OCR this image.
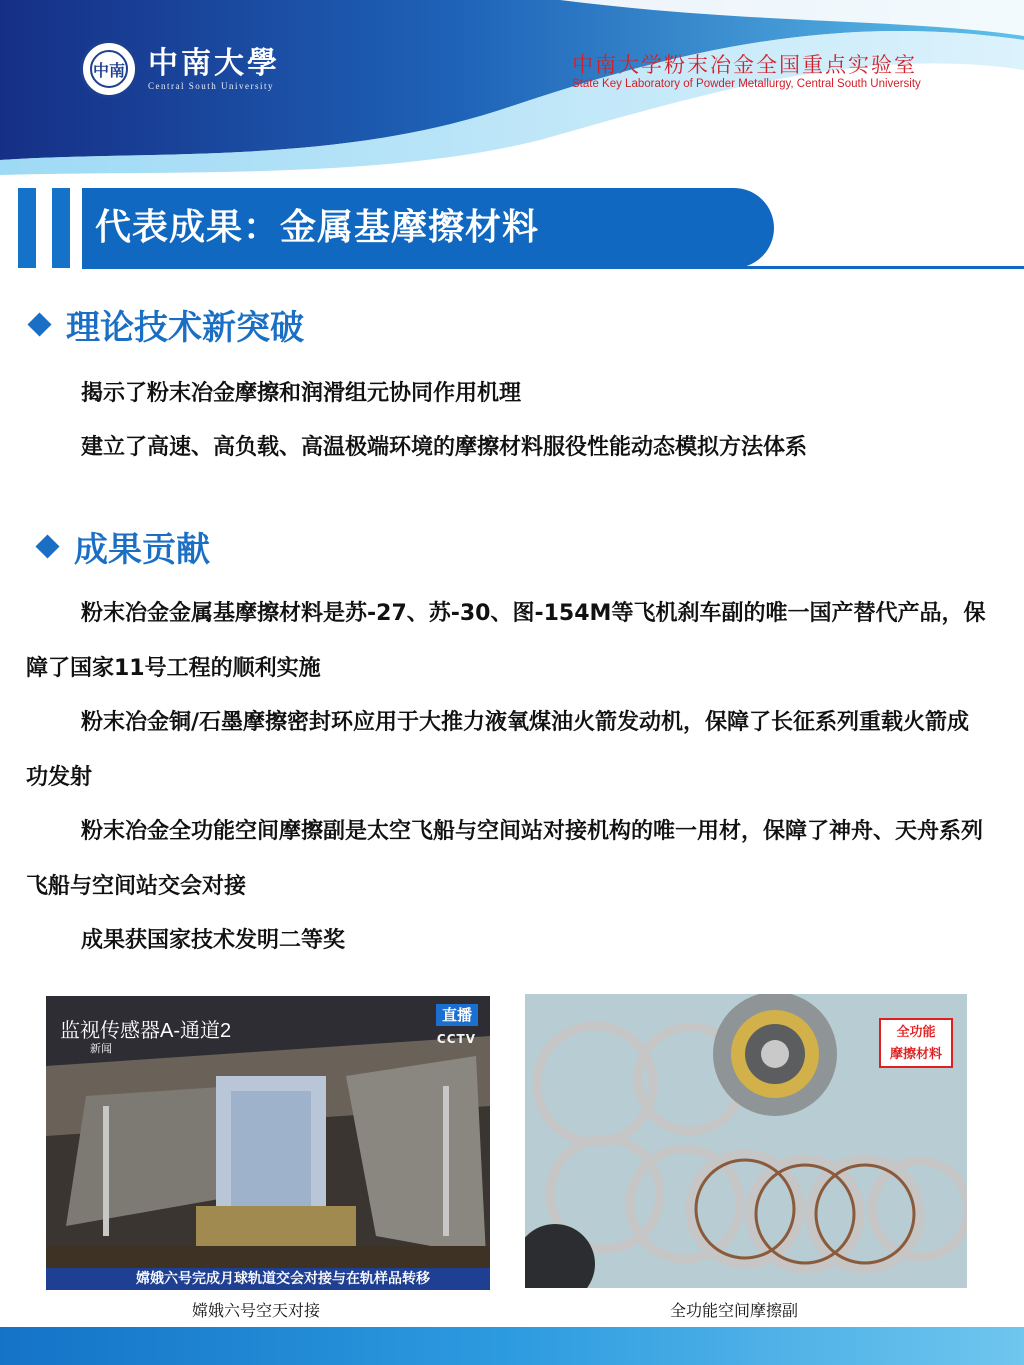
中南 中南大學
Central South University
中南大学粉末冶金全国重点实验室
State Key Laboratory of Powder Metallurgy, Central South University
代表成果：金属基摩擦材料
理论技术新突破
揭示了粉末冶金摩擦和润滑组元协同作用机理
建立了高速、高负载、高温极端环境的摩擦材料服役性能动态模拟方法体系
成果贡献
粉末冶金金属基摩擦材料是苏-27、苏-30、图-154M等飞机刹车副的唯一国产替代产品，保障了国家11号工程的顺利实施
粉末冶金铜/石墨摩擦密封环应用于大推力液氧煤油火箭发动机，保障了长征系列重载火箭成功发射
粉末冶金全功能空间摩擦副是太空飞船与空间站对接机构的唯一用材，保障了神舟、天舟系列飞船与空间站交会对接
成果获国家技术发明二等奖
监视传感器A-通道2
新闻
直播
CCTV
嫦娥六号完成月球轨道交会对接与在轨样品转移
嫦娥六号空天对接
全功能
摩擦材料
全功能空间摩擦副
